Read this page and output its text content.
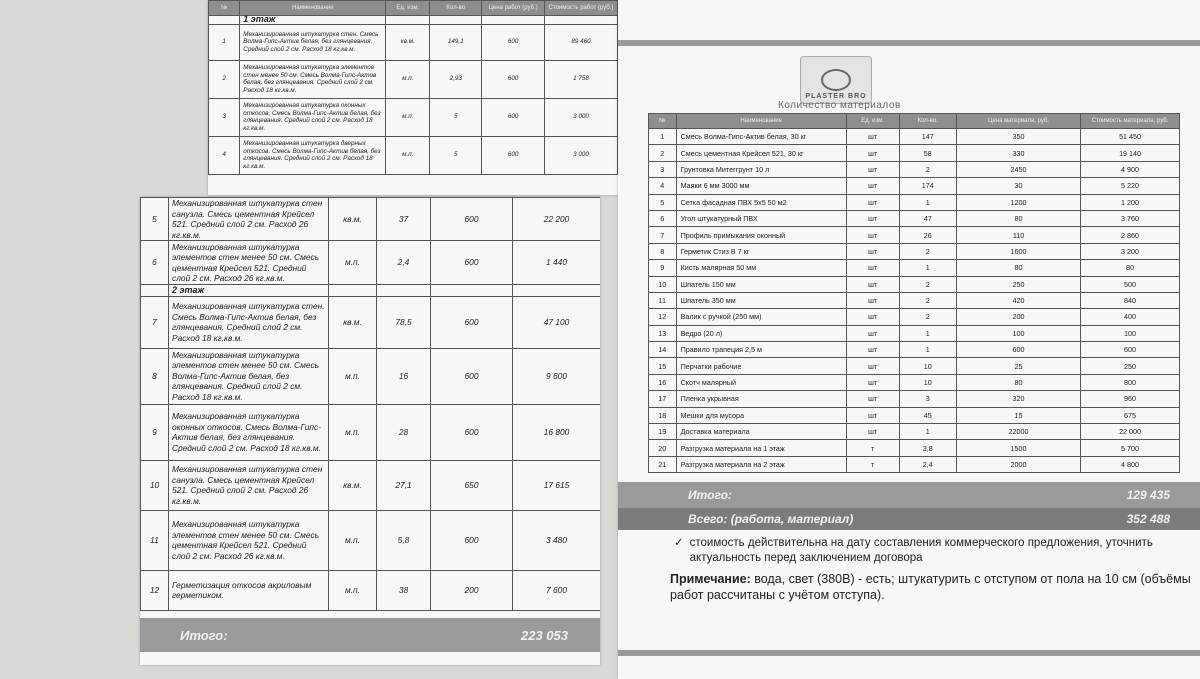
№	Наименование	Ед. изм.	Кол-во	Цена работ (руб.)	Стоимость работ (руб.)
	1 этаж				
1	Механизированная штукатурка стен. Смесь Волма-Гипс-Актив белая, без глянцевания. Средний слой 2 см. Расход 18 кг.кв.м.	кв.м.	149,1	600	89 460
2	Механизированная штукатурка элементов стен менее 50 см. Смесь Волма-Гипс-Актив белая, без глянцевания. Средний слой 2 см. Расход 18 кг.кв.м.	м.п.	2,93	600	1 758
3	Механизированная штукатурка оконных откосов. Смесь Волма-Гипс-Актив белая, без глянцевания. Средний слой 2 см. Расход 18 кг.кв.м.	м.п.	5	600	3 000
4	Механизированная штукатурка дверных откосов. Смесь Волма-Гипс-Актив белая, без глянцевания. Средний слой 2 см. Расход 18 кг.кв.м.	м.п.	5	600	3 000
5	Механизированная штукатурка стен санузла. Смесь цементная Крейсел 521. Средний слой 2 см. Расход 26 кг.кв.м.	кв.м.	37	600	22 200
6	Механизированная штукатурка элементов стен менее 50 см. Смесь цементная Крейсел 521. Средний слой 2 см. Расход 26 кг.кв.м.	м.п.	2,4	600	1 440
	2 этаж				
7	Механизированная штукатурка стен. Смесь Волма-Гипс-Актив белая, без глянцевания. Средний слой 2 см. Расход 18 кг.кв.м.	кв.м.	78,5	600	47 100
8	Механизированная штукатурка элементов стен менее 50 см. Смесь Волма-Гипс-Актив белая, без глянцевания. Средний слой 2 см. Расход 18 кг.кв.м.	м.п.	16	600	9 600
9	Механизированная штукатурка оконных откосов. Смесь Волма-Гипс-Актив белая, без глянцевания. Средний слой 2 см. Расход 18 кг.кв.м.	м.п.	28	600	16 800
10	Механизированная штукатурка стен санузла. Смесь цементная Крейсел 521. Средний слой 2 см. Расход 26 кг.кв.м.	кв.м.	27,1	650	17 615
11	Механизированная штукатурка элементов стен менее 50 см. Смесь цементная Крейсел 521. Средний слой 2 см. Расход 26 кг.кв.м.	м.п.	5,8	600	3 480
12	Герметизация откосов акриловым герметиком.	м.п.	38	200	7 600
Итого:	223 053
PLASTER BRO
Количество материалов
№	Наименование	Ед. изм.	Кол-во.	Цена материала, руб.	Стоимость материала, руб.
1	Смесь Волма-Гипс-Актив белая, 30 кг	шт	147	350	51 450
2	Смесь цементная Крейсел 521, 30 кг	шт	58	330	19 140
3	Грунтовка Митеггрунт 10 л	шт	2	2450	4 900
4	Маяки 6 мм 3000 мм	шт	174	30	5 220
5	Сетка фасадная ПВХ 5х5 50 м2	шт	1	1200	1 200
6	Угол штукатурный ПВХ	шт	47	80	3 760
7	Профиль примыкания оконный	шт	26	110	2 860
8	Герметик Стиз В 7 кг	шт	2	1600	3 200
9	Кисть малярная 50 мм	шт	1	80	80
10	Шпатель 150 мм	шт	2	250	500
11	Шпатель 350 мм	шт	2	420	840
12	Валик с ручкой (250 мм)	шт	2	200	400
13	Ведро (20 л)	шт	1	100	100
14	Правило трапеция 2,5 м	шт	1	600	600
15	Перчатки рабочие	шт	10	25	250
16	Скотч малярный	шт	10	80	800
17	Пленка укрывная	шт	3	320	960
18	Мешки для мусора	шт	45	15	675
19	Доставка материала	шт	1	22000	22 000
20	Разгрузка материала на 1 этаж	т	3,8	1500	5 700
21	Разгрузка материала на 2 этаж	т	2,4	2000	4 800
Итого:	129 435
Всего: (работа, материал)	352 488
✓ стоимость действительна на дату составления коммерческого предложения, уточнить актуальность перед заключением договора
Примечание: вода, свет (380В) - есть; штукатурить с отступом от пола на 10 см (объёмы работ рассчитаны с учётом отступа).
